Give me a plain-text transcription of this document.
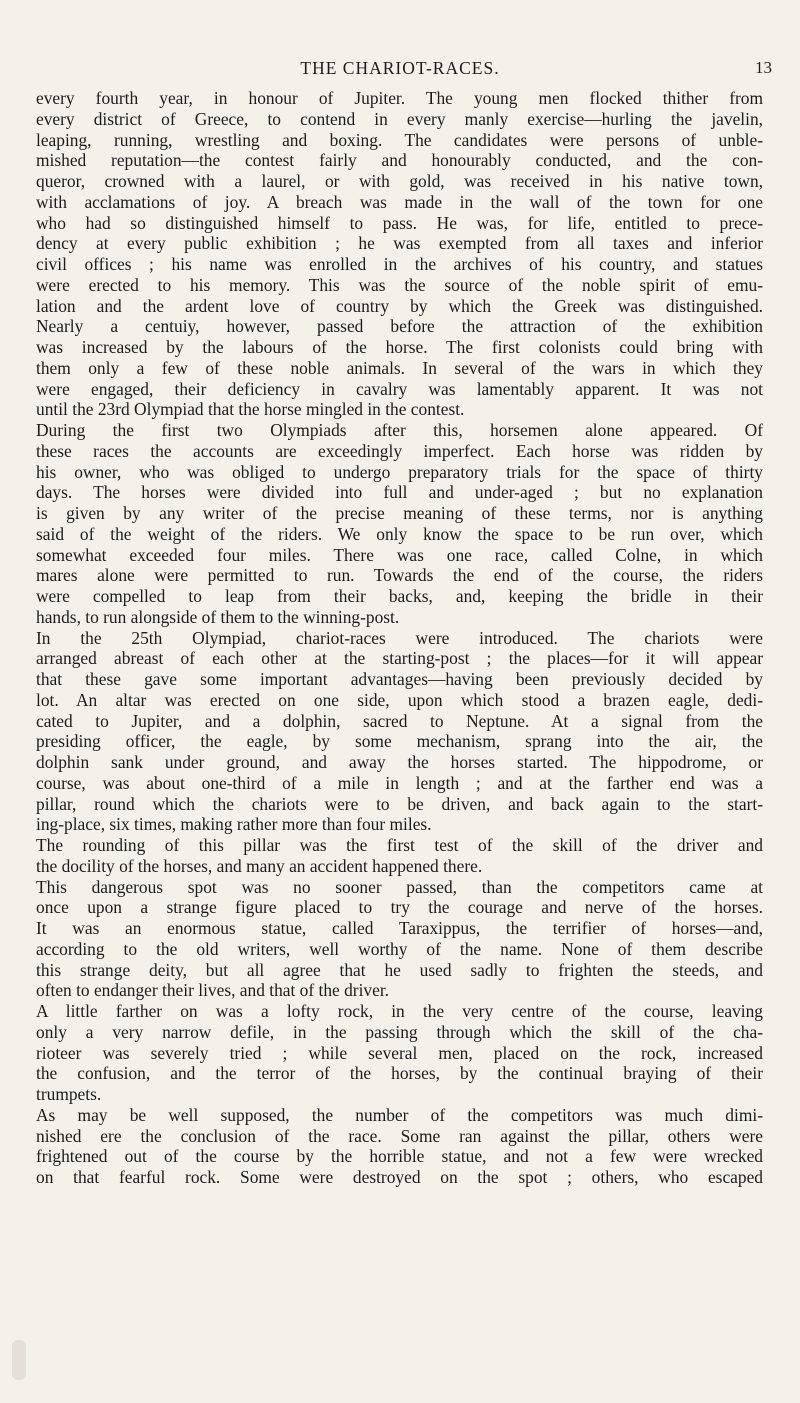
THE CHARIOT-RACES.	13
every fourth year, in honour of Jupiter. The young men flocked thither from
every district of Greece, to contend in every manly exercise—hurling the javelin,
leaping, running, wrestling and boxing. The candidates were persons of unble-
mished reputation—the contest fairly and honourably conducted, and the con-
queror, crowned with a laurel, or with gold, was received in his native town,
with acclamations of joy. A breach was made in the wall of the town for one
who had so distinguished himself to pass. He was, for life, entitled to prece-
dency at every public exhibition ; he was exempted from all taxes and inferior
civil offices ; his name was enrolled in the archives of his country, and statues
were erected to his memory. This was the source of the noble spirit of emu-
lation and the ardent love of country by which the Greek was distinguished.
Nearly a centuiy, however, passed before the attraction of the exhibition
was increased by the labours of the horse. The first colonists could bring with
them only a few of these noble animals. In several of the wars in which they
were engaged, their deficiency in cavalry was lamentably apparent. It was not
until the 23rd Olympiad that the horse mingled in the contest.
During the first two Olympiads after this, horsemen alone appeared. Of
these races the accounts are exceedingly imperfect. Each horse was ridden by
his owner, who was obliged to undergo preparatory trials for the space of thirty
days. The horses were divided into full and under-aged ; but no explanation
is given by any writer of the precise meaning of these terms, nor is anything
said of the weight of the riders. We only know the space to be run over, which
somewhat exceeded four miles. There was one race, called Colne, in which
mares alone were permitted to run. Towards the end of the course, the riders
were compelled to leap from their backs, and, keeping the bridle in their
hands, to run alongside of them to the winning-post.
In the 25th Olympiad, chariot-races were introduced. The chariots were
arranged abreast of each other at the starting-post ; the places—for it will appear
that these gave some important advantages—having been previously decided by
lot. An altar was erected on one side, upon which stood a brazen eagle, dedi-
cated to Jupiter, and a dolphin, sacred to Neptune. At a signal from the
presiding officer, the eagle, by some mechanism, sprang into the air, the
dolphin sank under ground, and away the horses started. The hippodrome, or
course, was about one-third of a mile in length ; and at the farther end was a
pillar, round which the chariots were to be driven, and back again to the start-
ing-place, six times, making rather more than four miles.
The rounding of this pillar was the first test of the skill of the driver and
the docility of the horses, and many an accident happened there.
This dangerous spot was no sooner passed, than the competitors came at
once upon a strange figure placed to try the courage and nerve of the horses.
It was an enormous statue, called Taraxippus, the terrifier of horses—and,
according to the old writers, well worthy of the name. None of them describe
this strange deity, but all agree that he used sadly to frighten the steeds, and
often to endanger their lives, and that of the driver.
A little farther on was a lofty rock, in the very centre of the course, leaving
only a very narrow defile, in the passing through which the skill of the cha-
rioteer was severely tried ; while several men, placed on the rock, increased
the confusion, and the terror of the horses, by the continual braying of their
trumpets.
As may be well supposed, the number of the competitors was much dimi-
nished ere the conclusion of the race. Some ran against the pillar, others were
frightened out of the course by the horrible statue, and not a few were wrecked
on that fearful rock. Some were destroyed on the spot ; others, who escaped
